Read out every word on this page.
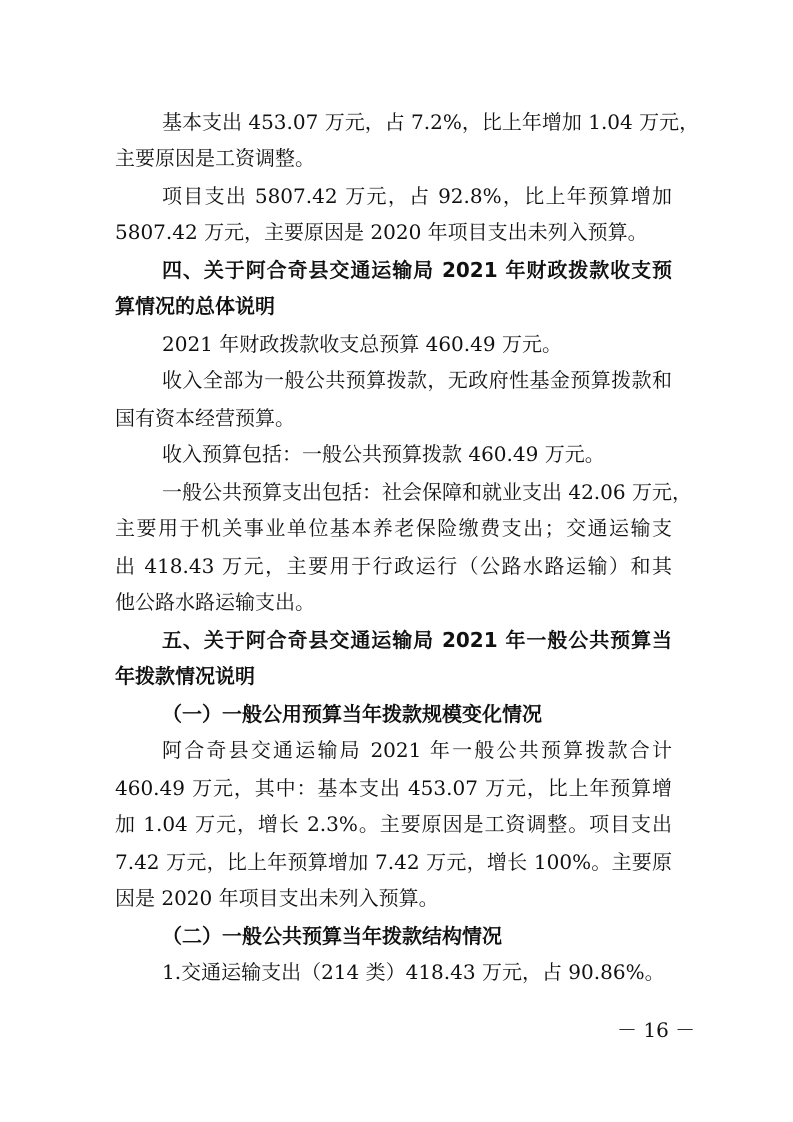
基本支出 453.07 万元，占 7.2%，比上年增加 1.04 万元，
主要原因是工资调整。
项目支出 5807.42 万元，占 92.8%，比上年预算增加
5807.42 万元，主要原因是 2020 年项目支出未列入预算。
四、关于阿合奇县交通运输局 2021 年财政拨款收支预
算情况的总体说明
2021 年财政拨款收支总预算 460.49 万元。
收入全部为一般公共预算拨款，无政府性基金预算拨款和
国有资本经营预算。
收入预算包括：一般公共预算拨款 460.49 万元。
一般公共预算支出包括：社会保障和就业支出 42.06 万元，
主要用于机关事业单位基本养老保险缴费支出；交通运输支
出 418.43 万元，主要用于行政运行（公路水路运输）和其
他公路水路运输支出。
五、关于阿合奇县交通运输局 2021 年一般公共预算当
年拨款情况说明
（一）一般公用预算当年拨款规模变化情况
阿合奇县交通运输局 2021 年一般公共预算拨款合计
460.49 万元，其中：基本支出 453.07 万元，比上年预算增
加 1.04 万元，增长 2.3%。主要原因是工资调整。项目支出
7.42 万元，比上年预算增加 7.42 万元，增长 100%。主要原
因是 2020 年项目支出未列入预算。
（二）一般公共预算当年拨款结构情况
1.交通运输支出（214 类）418.43 万元，占 90.86%。
－ 16 －
